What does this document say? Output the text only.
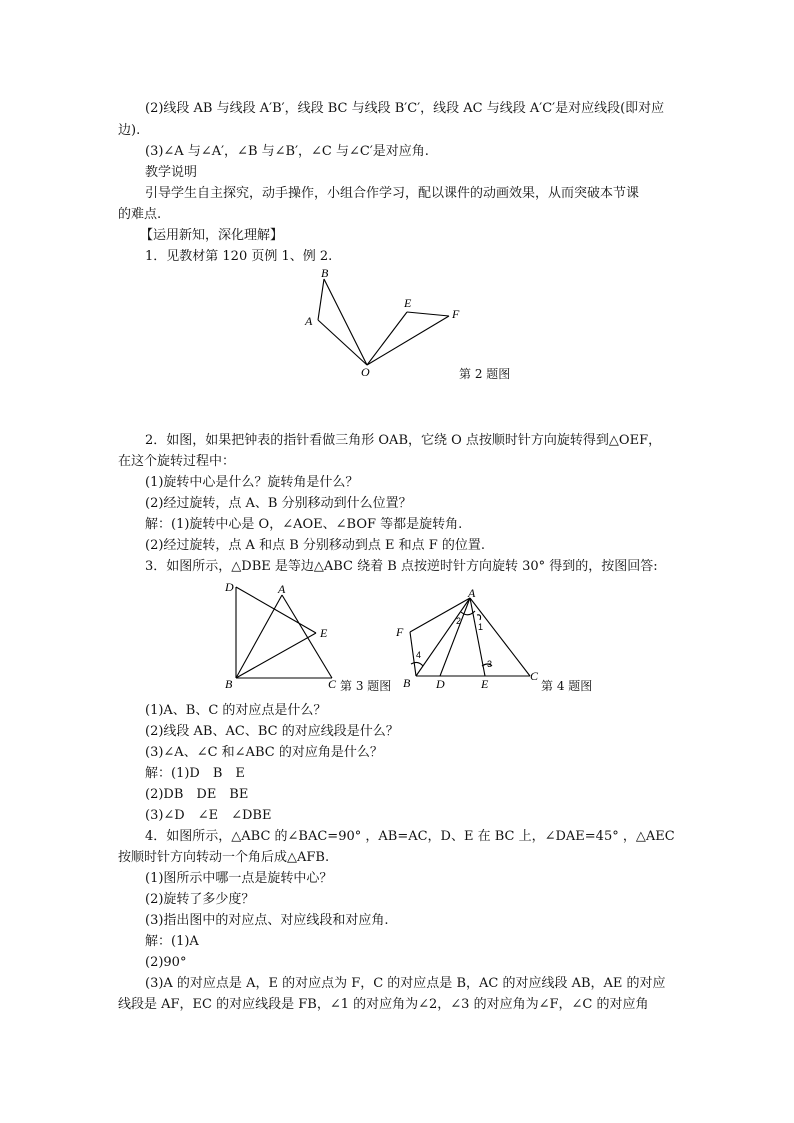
(2)线段 AB 与线段 A′B′，线段 BC 与线段 B′C′，线段 AC 与线段 A′C′是对应线段(即对应
边).
(3)∠A 与∠A′，∠B 与∠B′，∠C 与∠C′是对应角.
教学说明
引导学生自主探究，动手操作，小组合作学习，配以课件的动画效果，从而突破本节课
的难点.
【运用新知，深化理解】
1．见教材第 120 页例 1、例 2.
A
B
O
E
F
第 2 题图
2．如图，如果把钟表的指针看做三角形 OAB，它绕 O 点按顺时针方向旋转得到△OEF，
在这个旋转过程中：
(1)旋转中心是什么？旋转角是什么？
(2)经过旋转，点 A、B 分别移动到什么位置？
解：(1)旋转中心是 O，∠AOE、∠BOF 等都是旋转角.
(2)经过旋转，点 A 和点 B 分别移动到点 E 和点 F 的位置.
3．如图所示，△DBE 是等边△ABC 绕着 B 点按逆时针方向旋转 30° 得到的，按图回答:
D	A
E
B	C 第 3 题图
A
F
B D	E
C
1
2
3
4
第 4 题图
(1)A、B、C 的对应点是什么？
(2)线段 AB、AC、BC 的对应线段是什么？
(3)∠A、∠C 和∠ABC 的对应角是什么？
解：(1)D　B　E
(2)DB　DE　BE
(3)∠D　∠E　∠DBE
4．如图所示，△ABC 的∠BAC=90° ，AB=AC，D、E 在 BC 上，∠DAE=45° ，△AEC
按顺时针方向转动一个角后成△AFB.
(1)图所示中哪一点是旋转中心？
(2)旋转了多少度？
(3)指出图中的对应点、对应线段和对应角.
解：(1)A
(2)90°
(3)A 的对应点是 A，E 的对应点为 F，C 的对应点是 B，AC 的对应线段 AB，AE 的对应
线段是 AF，EC 的对应线段是 FB，∠1 的对应角为∠2，∠3 的对应角为∠F，∠C 的对应角
